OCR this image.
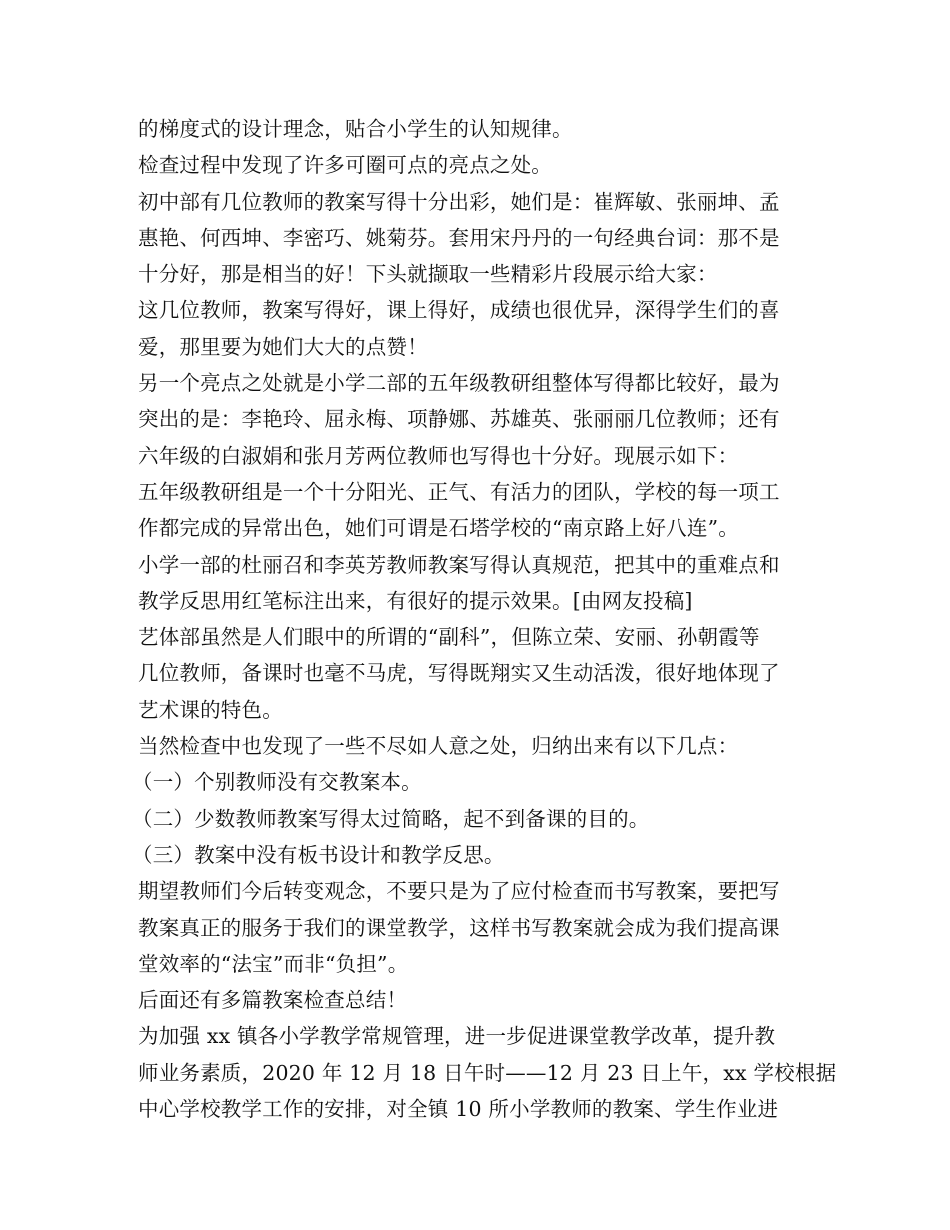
的梯度式的设计理念，贴合小学生的认知规律。
检查过程中发现了许多可圈可点的亮点之处。
初中部有几位教师的教案写得十分出彩，她们是：崔辉敏、张丽坤、孟
惠艳、何西坤、李密巧、姚菊芬。套用宋丹丹的一句经典台词：那不是
十分好，那是相当的好！下头就撷取一些精彩片段展示给大家：
这几位教师，教案写得好，课上得好，成绩也很优异，深得学生们的喜
爱，那里要为她们大大的点赞！
另一个亮点之处就是小学二部的五年级教研组整体写得都比较好，最为
突出的是：李艳玲、屈永梅、项静娜、苏雄英、张丽丽几位教师；还有
六年级的白淑娟和张月芳两位教师也写得也十分好。现展示如下：
五年级教研组是一个十分阳光、正气、有活力的团队，学校的每一项工
作都完成的异常出色，她们可谓是石塔学校的“南京路上好八连”。
小学一部的杜丽召和李英芳教师教案写得认真规范，把其中的重难点和
教学反思用红笔标注出来，有很好的提示效果。[由网友投稿]
艺体部虽然是人们眼中的所谓的“副科”，但陈立荣、安丽、孙朝霞等
几位教师，备课时也毫不马虎，写得既翔实又生动活泼，很好地体现了
艺术课的特色。
当然检查中也发现了一些不尽如人意之处，归纳出来有以下几点：
（一）个别教师没有交教案本。
（二）少数教师教案写得太过简略，起不到备课的目的。
（三）教案中没有板书设计和教学反思。
期望教师们今后转变观念，不要只是为了应付检查而书写教案，要把写
教案真正的服务于我们的课堂教学，这样书写教案就会成为我们提高课
堂效率的“法宝”而非“负担”。
后面还有多篇教案检查总结！
为加强 xx 镇各小学教学常规管理，进一步促进课堂教学改革，提升教
师业务素质，2020 年 12 月 18 日午时——12 月 23 日上午，xx 学校根据
中心学校教学工作的安排，对全镇 10 所小学教师的教案、学生作业进
